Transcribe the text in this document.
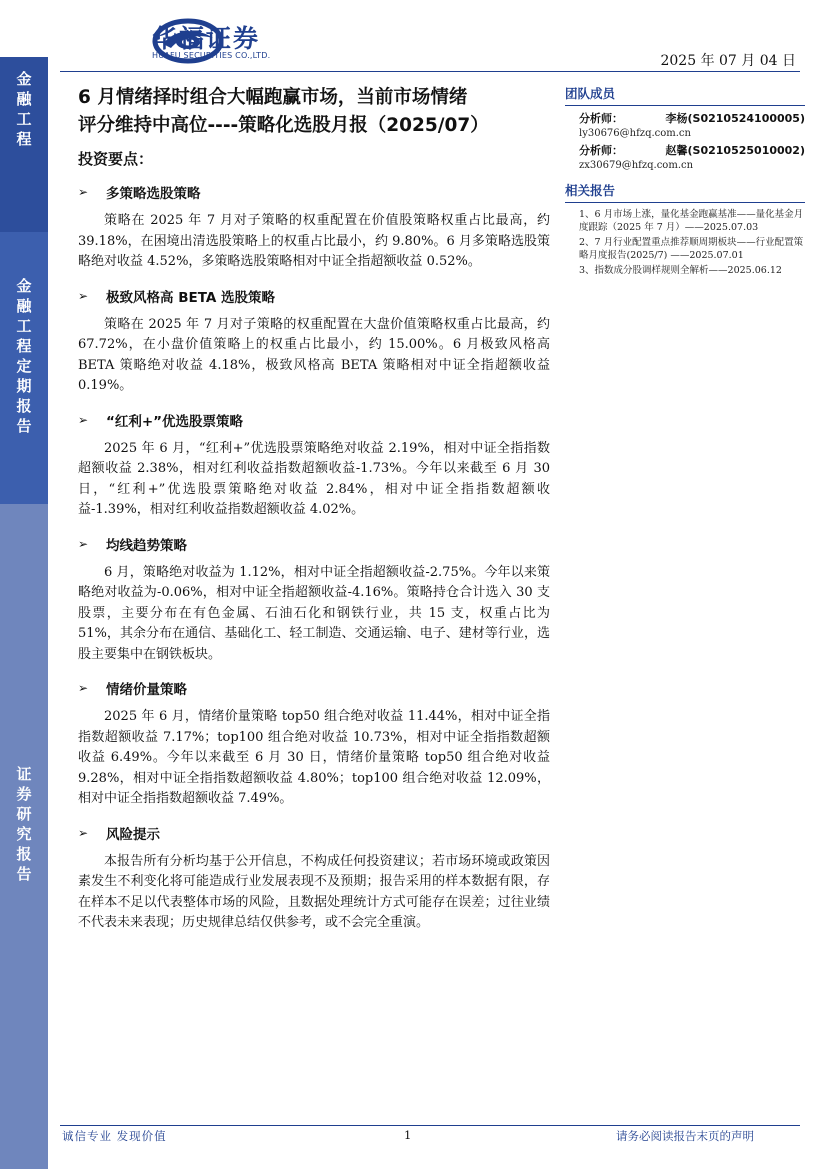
金
融
工
程
金
融
工
程
定
期
报
告
证
券
研
究
报
告
华福证券
HUAFU SECURITIES CO.,LTD.	2025 年 07 月 04 日
6 月情绪择时组合大幅跑赢市场，当前市场情绪
评分维持中高位----策略化选股月报（2025/07）
投资要点：
➢	多策略选股策略
策略在 2025 年 7 月对子策略的权重配置在价值股策略权重占比最高，约 39.18%，在困境出清选股策略上的权重占比最小，约 9.80%。6 月多策略选股策略绝对收益 4.52%，多策略选股策略相对中证全指超额收益 0.52%。
➢	极致风格高 BETA 选股策略
策略在 2025 年 7 月对子策略的权重配置在大盘价值策略权重占比最高，约 67.72%，在小盘价值策略上的权重占比最小，约 15.00%。6 月极致风格高 BETA 策略绝对收益 4.18%，极致风格高 BETA 策略相对中证全指超额收益 0.19%。
➢	“红利+”优选股票策略
2025 年 6 月，“红利+”优选股票策略绝对收益 2.19%，相对中证全指指数超额收益 2.38%，相对红利收益指数超额收益-1.73%。今年以来截至 6 月 30 日，“红利+”优选股票策略绝对收益 2.84%，相对中证全指指数超额收益-1.39%，相对红利收益指数超额收益 4.02%。
➢	均线趋势策略
6 月，策略绝对收益为 1.12%，相对中证全指超额收益-2.75%。今年以来策略绝对收益为-0.06%，相对中证全指超额收益-4.16%。策略持仓合计选入 30 支股票，主要分布在有色金属、石油石化和钢铁行业，共 15 支，权重占比为 51%，其余分布在通信、基础化工、轻工制造、交通运输、电子、建材等行业，选股主要集中在钢铁板块。
➢	情绪价量策略
2025 年 6 月，情绪价量策略 top50 组合绝对收益 11.44%，相对中证全指指数超额收益 7.17%；top100 组合绝对收益 10.73%，相对中证全指指数超额收益 6.49%。今年以来截至 6 月 30 日，情绪价量策略 top50 组合绝对收益 9.28%，相对中证全指指数超额收益 4.80%；top100 组合绝对收益 12.09%，相对中证全指指数超额收益 7.49%。
➢	风险提示
本报告所有分析均基于公开信息，不构成任何投资建议；若市场环境或政策因素发生不利变化将可能造成行业发展表现不及预期；报告采用的样本数据有限，存在样本不足以代表整体市场的风险，且数据处理统计方式可能存在误差；过往业绩不代表未来表现；历史规律总结仅供参考，或不会完全重演。
团队成员
分析师：	李杨(S0210524100005)
ly30676@hfzq.com.cn
分析师：	赵馨(S0210525010002)
zx30679@hfzq.com.cn
相关报告
1、6 月市场上涨，量化基金跑赢基准——量化基金月度跟踪（2025 年 7 月）——2025.07.03
2、7 月行业配置重点推荐顺周期板块——行业配置策略月度报告(2025/7) ——2025.07.01
3、指数成分股调样规则全解析——2025.06.12
诚信专业 发现价值	1	请务必阅读报告末页的声明
